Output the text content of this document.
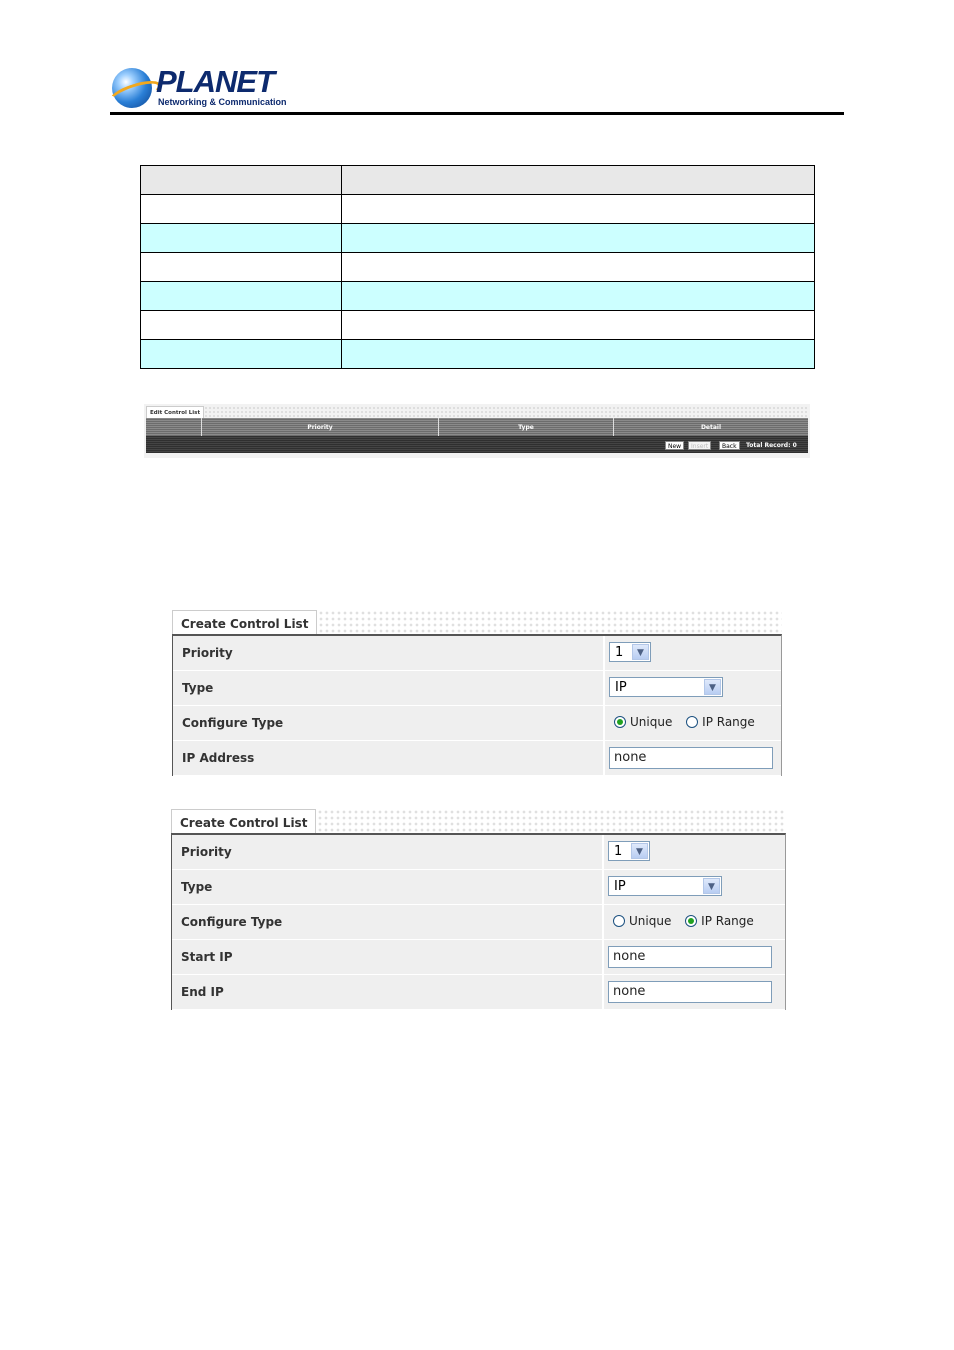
PLANET
Networking & Communication

Edit Control List
Priority	Type	Detail
New	Insert	Back	Total Record: 0
Create Control List
Priority	1	▼
Type	IP	▼
Configure Type	Unique IP Range
IP Address	none
Create Control List
Priority	1	▼
Type	IP	▼
Configure Type	Unique IP Range
Start IP	none
End IP	none
